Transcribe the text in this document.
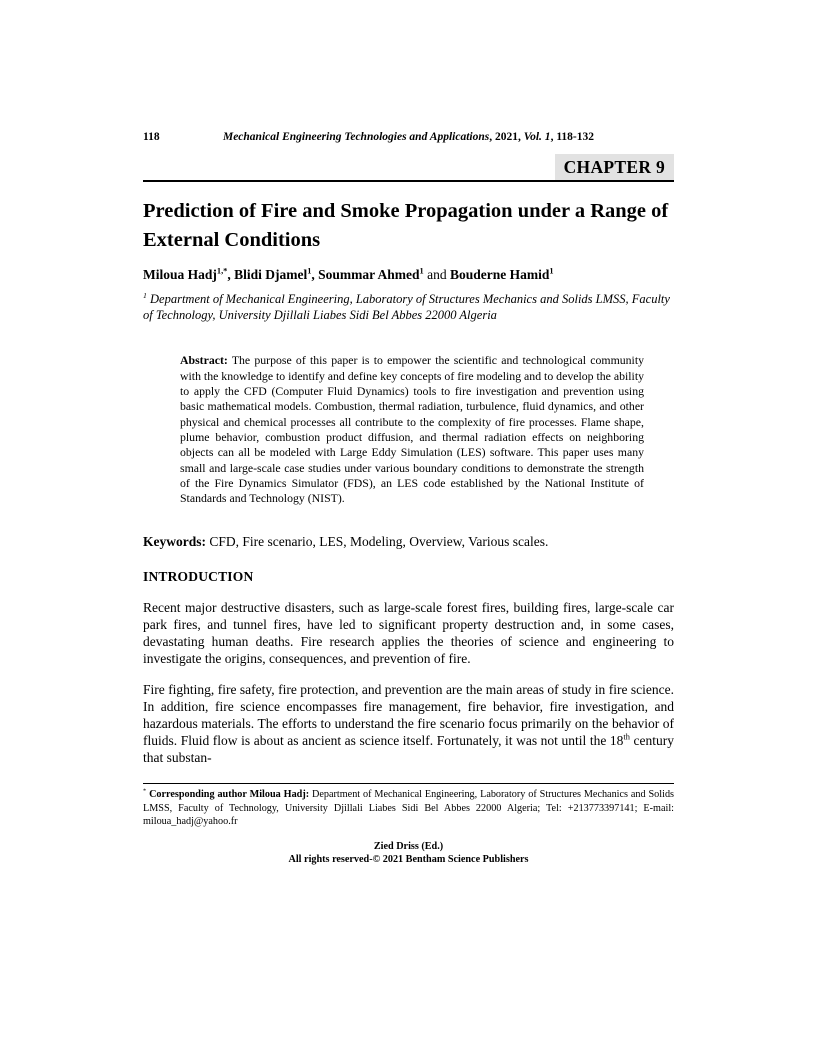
118	Mechanical Engineering Technologies and Applications, 2021, Vol. 1, 118-132
CHAPTER 9
Prediction of Fire and Smoke Propagation under a Range of External Conditions
Miloua Hadj$^{1,*}$, Blidi Djamel$^1$, Soummar Ahmed$^1$ and Bouderne Hamid$^1$
$^1$ Department of Mechanical Engineering, Laboratory of Structures Mechanics and Solids LMSS, Faculty of Technology, University Djillali Liabes Sidi Bel Abbes 22000 Algeria
Abstract: The purpose of this paper is to empower the scientific and technological community with the knowledge to identify and define key concepts of fire modeling and to develop the ability to apply the CFD (Computer Fluid Dynamics) tools to fire investigation and prevention using basic mathematical models. Combustion, thermal radiation, turbulence, fluid dynamics, and other physical and chemical processes all contribute to the complexity of fire processes. Flame shape, plume behavior, combustion product diffusion, and thermal radiation effects on neighboring objects can all be modeled with Large Eddy Simulation (LES) software. This paper uses many small and large-scale case studies under various boundary conditions to demonstrate the strength of the Fire Dynamics Simulator (FDS), an LES code established by the National Institute of Standards and Technology (NIST).
Keywords: CFD, Fire scenario, LES, Modeling, Overview, Various scales.
INTRODUCTION
Recent major destructive disasters, such as large-scale forest fires, building fires, large-scale car park fires, and tunnel fires, have led to significant property destruction and, in some cases, devastating human deaths. Fire research applies the theories of science and engineering to investigate the origins, consequences, and prevention of fire.
Fire fighting, fire safety, fire protection, and prevention are the main areas of study in fire science. In addition, fire science encompasses fire management, fire behavior, fire investigation, and hazardous materials. The efforts to understand the fire scenario focus primarily on the behavior of fluids. Fluid flow is about as ancient as science itself. Fortunately, it was not until the 18th century that substan-
* Corresponding author Miloua Hadj: Department of Mechanical Engineering, Laboratory of Structures Mechanics and Solids LMSS, Faculty of Technology, University Djillali Liabes Sidi Bel Abbes 22000 Algeria; Tel: +213773397141; E-mail: miloua_hadj@yahoo.fr
Zied Driss (Ed.)
All rights reserved-© 2021 Bentham Science Publishers
